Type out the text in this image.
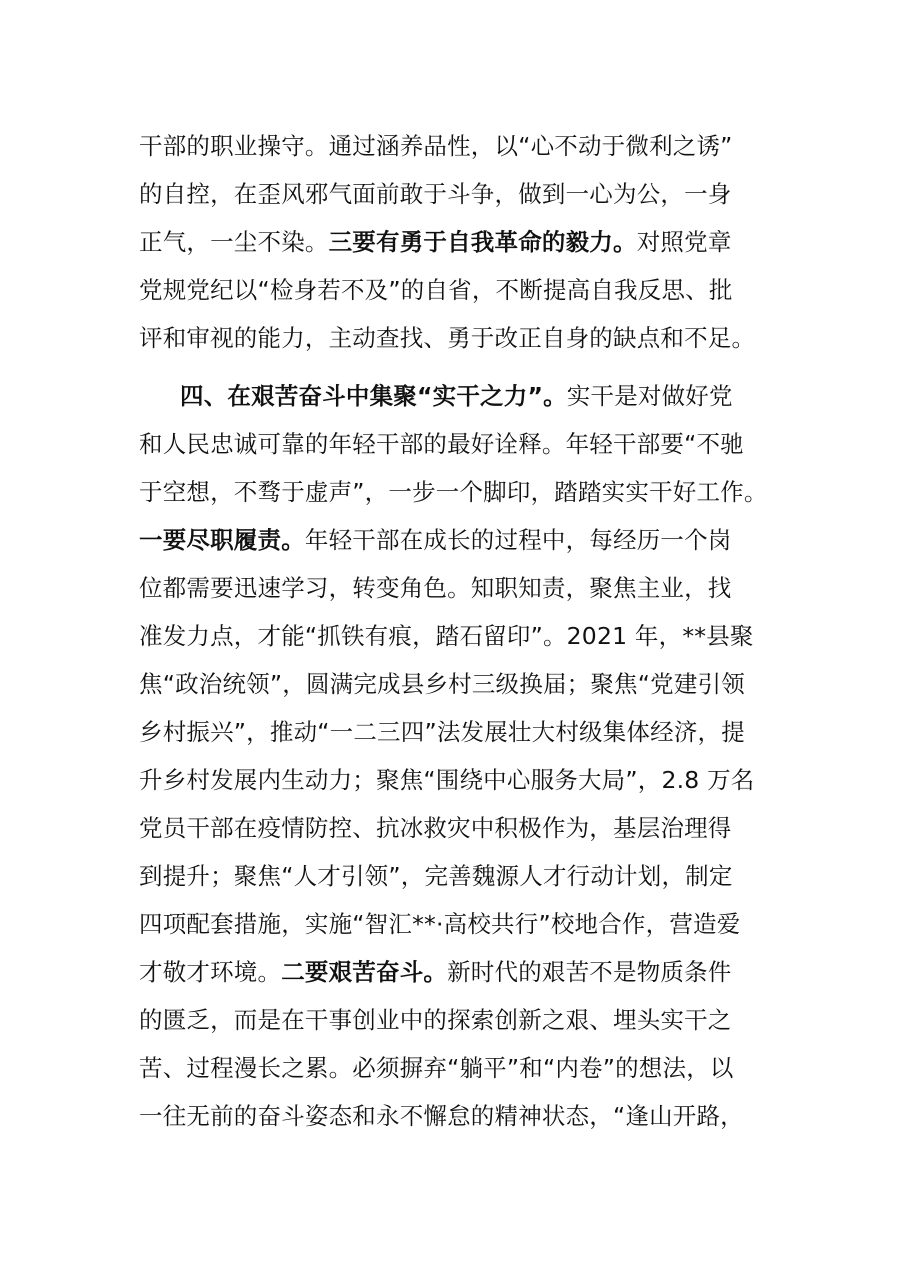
干部的职业操守。通过涵养品性，以“心不动于微利之诱”
的自控，在歪风邪气面前敢于斗争，做到一心为公，一身
正气，一尘不染。三要有勇于自我革命的毅力。对照党章
党规党纪以“检身若不及”的自省，不断提高自我反思、批
评和审视的能力，主动查找、勇于改正自身的缺点和不足。
四、在艰苦奋斗中集聚“实干之力”。实干是对做好党
和人民忠诚可靠的年轻干部的最好诠释。年轻干部要“不驰
于空想，不骛于虚声”，一步一个脚印，踏踏实实干好工作。
一要尽职履责。年轻干部在成长的过程中，每经历一个岗
位都需要迅速学习，转变角色。知职知责，聚焦主业，找
准发力点，才能“抓铁有痕，踏石留印”。2021 年，**县聚
焦“政治统领”，圆满完成县乡村三级换届；聚焦“党建引领
乡村振兴”，推动“一二三四”法发展壮大村级集体经济，提
升乡村发展内生动力；聚焦“围绕中心服务大局”，2.8 万名
党员干部在疫情防控、抗冰救灾中积极作为，基层治理得
到提升；聚焦“人才引领”，完善魏源人才行动计划，制定
四项配套措施，实施“智汇**·高校共行”校地合作，营造爱
才敬才环境。二要艰苦奋斗。新时代的艰苦不是物质条件
的匮乏，而是在干事创业中的探索创新之艰、埋头实干之
苦、过程漫长之累。必须摒弃“躺平”和“内卷”的想法，以
一往无前的奋斗姿态和永不懈怠的精神状态，“逢山开路，
